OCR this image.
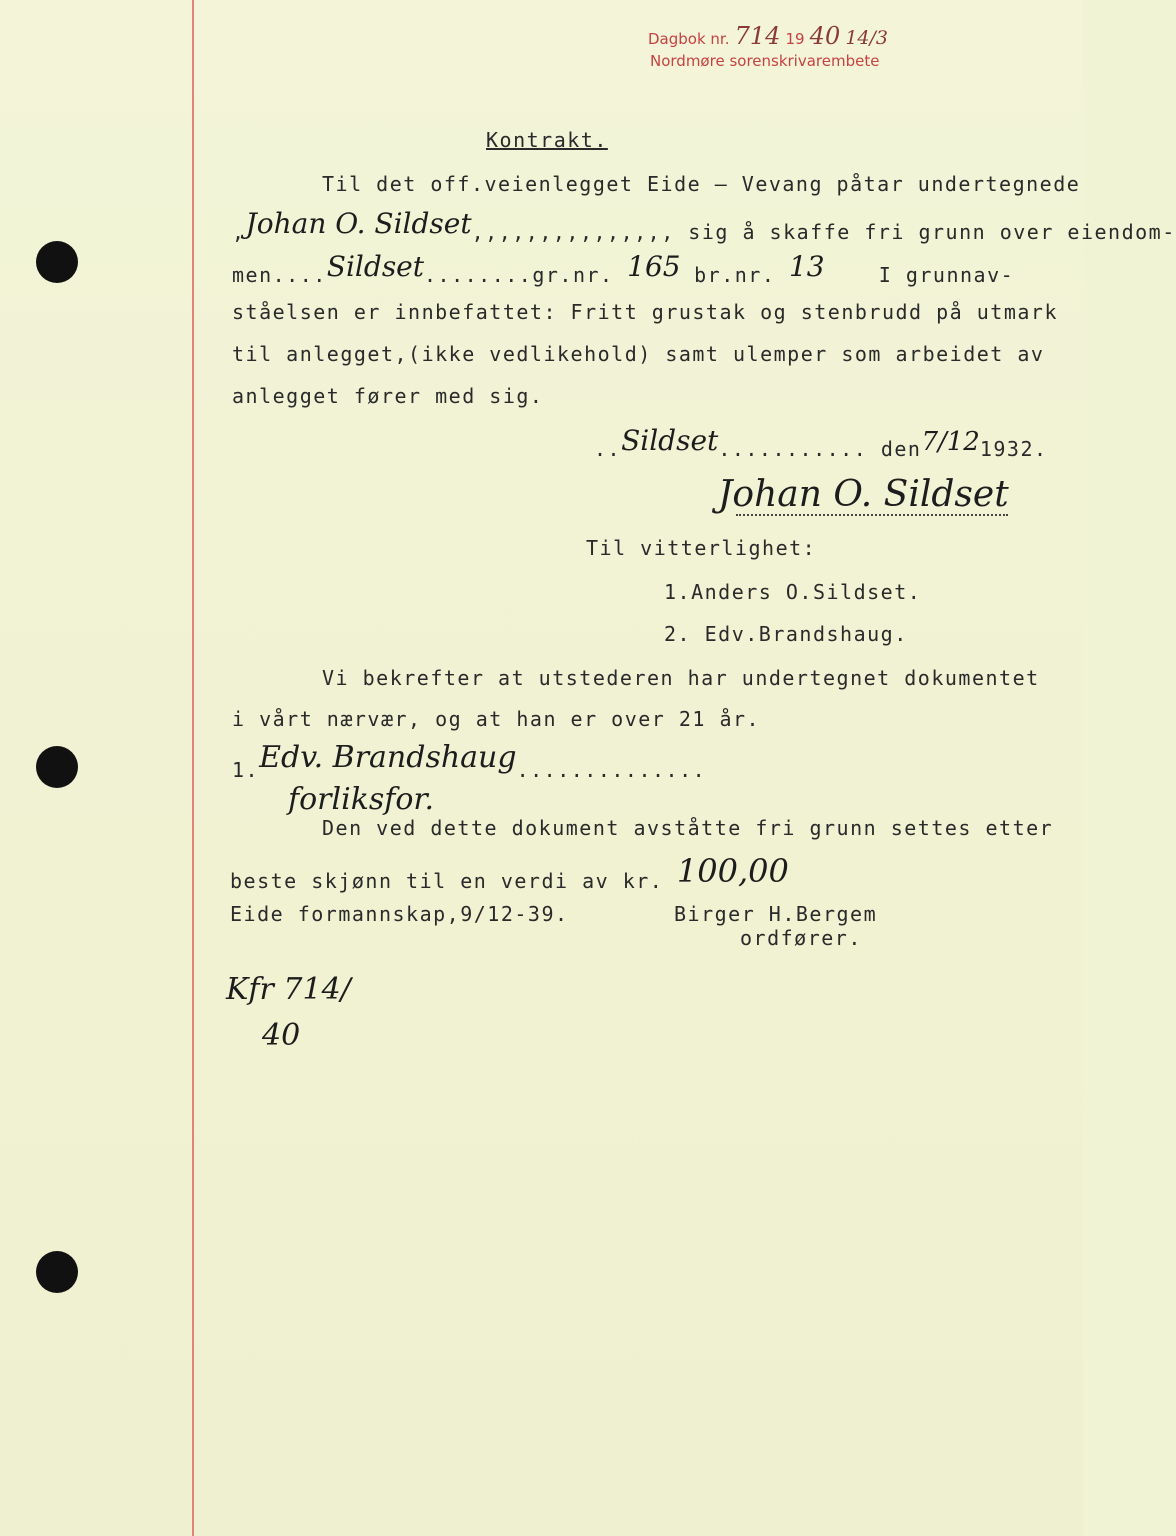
Dagbok nr. 714 19 40 14/3
Nordmøre sorenskrivarembete
Kontrakt.
Til det off.veienlegget Eide – Vevang påtar undertegnede
,Johan O. Sildset,,,,,,,,,,,,,,, sig å skaffe fri grunn over eiendom-
men....Sildset........gr.nr. 165 br.nr. 13	I grunnav-
ståelsen er innbefattet: Fritt grustak og stenbrudd på utmark
til anlegget,(ikke vedlikehold) samt ulemper som arbeidet av
anlegget fører med sig.
..Sildset........... den7/121932.
Johan O. Sildset
Til vitterlighet:
1.Anders O.Sildset.
2. Edv.Brandshaug.
Vi bekrefter at utstederen har undertegnet dokumentet
i vårt nærvær, og at han er over 21 år.
1.Edv. Brandshaug..............
forliksfor.
Den ved dette dokument avståtte fri grunn settes etter
beste skjønn til en verdi av kr. 100,00
Eide formannskap,9/12-39.	Birger H.Bergem
ordfører.
Kfr 714/
40
